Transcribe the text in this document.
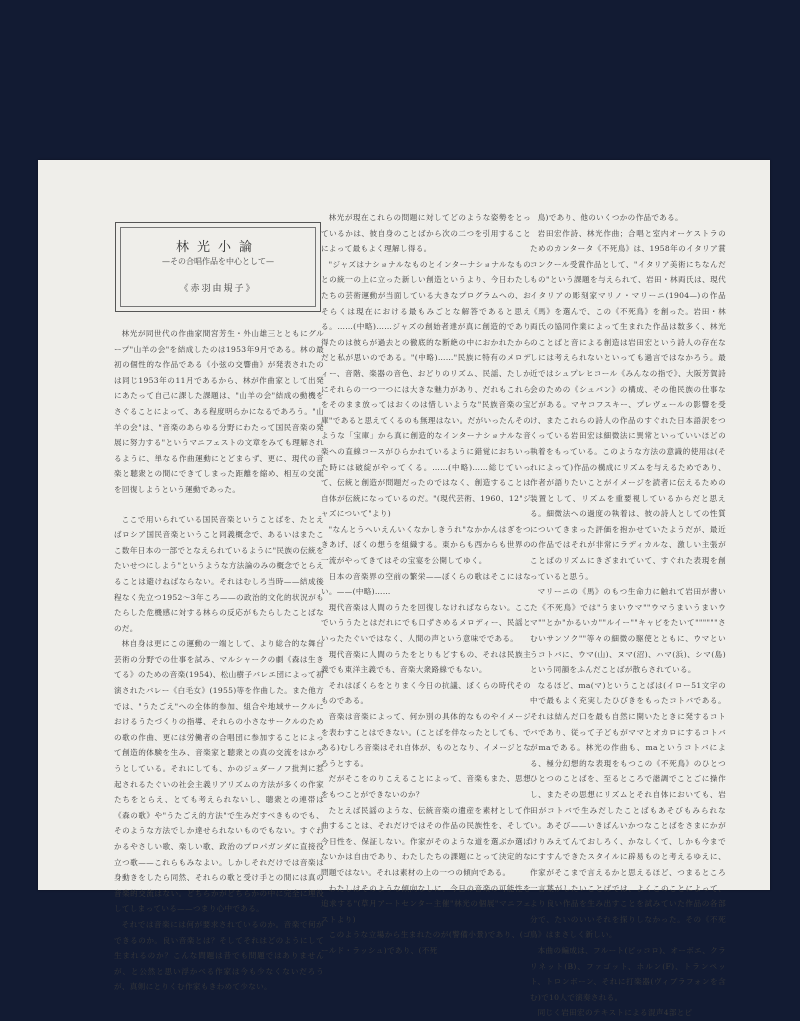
林光小論
—その合唱作品を中心として—
《赤羽由規子》

林光が同世代の作曲家間宮芳生・外山雄三とともにグループ"山羊の会"を結成したのは1953年9月である。林の最初の個性的な作品である《小弦の交響曲》が発表されたのは同じ1953年の11月であるから、林が作曲家として出発にあたって自己に課した課題は、"山羊の会"結成の動機をさぐることによって、ある程度明らかになるであろう。"山羊の会"は、"音楽のあらゆる分野にわたって国民音楽の発展に努力する"というマニフェストの文章をみても理解されるように、単なる作曲運動にとどまらず、更に、現代の音楽と聴衆との間にできてしまった距離を縮め、相互の交流を回復しようという運動であった。

ここで用いられている国民音楽ということばを、たとえばロシア国民音楽ということ同義概念で、あるいはまたここ数年日本の一部でとなえられているように"民族の伝統をたいせつにしよう"というような方法論のみの概念でとらえることは避けねばならない。それはむしろ当時——結成後程なく先立つ1952～3年ころ——の政治的文化的状況がもたらした危機感に対する林らの反応がもたらしたことばなのだ。

林自身は更にこの運動の一端として、より総合的な舞台芸術の分野での仕事を試み、マルシャークの劇《森は生きてる》のための音楽(1954)、松山樹子バレエ団によって初演されたバレー《白毛女》(1955)等を作曲した。また他方では、"うたごえ"への全体的参加、組合や地域サークルにおけるうたづくりの指導、それらの小さなサークルのための歌の作曲、更には労働者の合唱団に参加することによって創造的体験を生み、音楽家と聴衆との真の交流をはかろうとしている。それにしても、かのジュダーノフ批判に惹起されるたぐいの社会主義リアリズムの方法が多くの作家たちをとらえ、とても考えられないし、聴衆との連帯は《森の歌》や"うたごえ的方法"で生みだすべきものでも、そのような方法でしか達せられないものでもない。すぐわかるやさしい歌、楽しい歌、政治のプロパガンダに直接役立つ歌——これらもみなよい。しかしそれだけでは音楽は身動きをしたら同然、それらの歌と受け手との間には真の音楽的交流はない。どちらかがどちらかの中に完全に埋没してしまっている——つまり心中である。

それでは音楽には何が要求されているのか。音楽で何ができるのか。良い音楽とは？そしてそれはどのようにして生まれるのか？こんな問題は昔でも問題ではありませんが、と公然と思い浮かべる作家は今も少なくないだろうが、真剣にとりくむ作家もきわめて少ない。

林光が現在これらの問題に対してどのような姿勢をとっているかは、彼自身のことばから次の二つを引用することによって最もよく理解し得る。

"ジャズはナショナルなものとインターナショナルなものとの統一の上に立った新しい創造というより、今日わたしたちの芸術運動が当面している大きなプログラムへの、おそらくは現在における最もみごとな解答であると思える。……(中略)……ジャズの創始者達が真に創造的であり得たのは彼らが過去との徹底的な断絶の中におかれたからだと私が思いのである。"(中略)……"民族に特有のメロディー、音階、楽器の音色、おどりのリズム、民謡、たしかにそれらの一つ一つには大きな魅力があり、だれもこれらをそのまま放ってはおくのは惜しいような"民族音楽の宝庫"であると思えてくるのも無理はない。だがいったんそのような「宝庫」から真に創造的なインターナショナルな音楽への直線コースがひらかれているように錯覚におちいった時には破綻がやってくる。……(中略)……総じていって、伝統と創造が問題だったのではなく、創造することは自体が伝統になっているのだ。"(現代芸術、1960、12"ジャズについて"より)

"なんとうへいえんいくなかしきうれ"なかかんはぎをつきあげ、ぼくの想うを組織する。東からも西からも世界の一流がやってきてはその宝宴を公開してゆく。

日本の音楽界の空前の繁栄——ぼくらの歌はそこにはない。——(中略)……

現代音楽は人間のうたを回復しなければならない。ここでいううたとはだれにでも口ずさめるメロディー、民謡といったたぐいではなく、人間の声という意味でである。

現代音楽に人間のうたをとりもどすもの、それは民族主義でも東洋主義でも、音楽大衆路線でもない。

それはぼくらをとりまく今日の抗議、ぼくらの時代そのものである。

音楽は音楽によって、何か別の具体的なものやイメージを表わすことはできない。(ことばを伴なったとしても、である)むしろ音楽はそれ自体が、ものとなり、イメージとなろうとする。

だがそこをのりこえることによって、音楽もまた、思想をもつことができないのか？

たとえば民謡のような、伝統音楽の遺産を素材として作曲することは、それだけではその作品の民族性を、そして今日性を、保証しない。作家がそのような道を選ぶか選ばないかは自由であり、わたしたちの課題にとって決定的な問題ではない。それは素材の上の一つの傾向である。

わたしはそのような傾向なしに、今日の音楽の可能性を追求する"(草月アートセンター主催"林光の個展"マニフェストより)

このような立場から生まれたのが(警備小景)であり、(ゴールド・ラッシュ)であり、(不死

鳥)であり、他のいくつかの作品である。

岩田宏作詩、林光作曲；合唱と室内オーケストラのためのカンタータ《不死鳥》は、1958年のイタリア賞コンクール受賞作品として、"イタリア美術にちなんだもの"という課題を与えられて、岩田・林両氏は、現代イタリアの彫刻家マリノ・マリーニ(1904—)の作品《馬》を選んで、この《不死鳥》を創った。岩田・林両氏の協同作業によって生まれた作品は数多く、林光のことばと音による創造は岩田宏という詩人の存在なしには考えられないといっても過言ではなかろう。最近ではシュプレヒコール《みんなの指で》、大阪芳賀詩会のための《シュバン》の構成、その他民族の仕事などがある。マヤコフスキー、プレヴェールの影響を受け、またこれらの詩人の作品のすぐれた日本語訳をつくっている岩田宏は細微法に異常といっていいほどの執着をもっている。このような方法の意識的使用は(それによって)作品の構成にリズムを与えるためであり、作者が語りたいことがイメージを読者に伝えるための装置として、リズムを重要視しているからだと思える。細微法への過度の執着は、彼の詩人としての性質についてきまった評価を抱かせていたようだが、最近の作品ではそれが非常にラディカルな、激しい主張がことばのリズムにきざまれていて、すぐれた表現を創っていると思う。

マリーニの《馬》のもつ生命力に触れて岩田が書いた《不死鳥》では"うまいウマ""ウマうまいうまいウマ""とか"かるいカ""ルイー""キャビをたいて""""""さむいサンソク""等々の細微の駆使とともに、ウマというコトバに、ウマ(山)、ヌマ(沼)、ハマ(浜)、シマ(島)という同韻をふんだことばが散らされている。

なるほど、ma(マ)ということばは(イロー51文字の中で最もよく充実したひびきをもったコトバである。それは結んだ口を最も自然に開いたときに発するコトバであり、従って子どもがママとオカロにするコトバがmaである。林光の作曲も、maというコトバによる、極分幻想的な表現をもつこの《不死鳥》のひとつひとつのことばを、至るところで諧調でことごに操作し、またその思想にリズムとそれ自体においても、岩田がコトバで生みだしたことばもあそびもみられない。あそび——いきばんいかつなことばをさまにかがけりみえてんておしろく、かなしくて、しかも今までにすすんできたスタイルに辟易ものと考えるゆえに、作家がそこまで言えるかと思えるほど、つまるところ一言葉がしたいことばでは、よくこのことによって、より良い作品を生み出すことを試みていた作品の各部分で、たいのいいそれを探りしなかった。その《不死鳥》はまさしく新しい。

本曲の編成は、フルート(ピッコロ)、オーボエ、クラリネット(B)、ファゴット、ホルン(F)、トランペット、トロンボーン、それに打楽器(ヴィブラフォンを含む)で10人で演奏される。

同じく岩田宏のテキストによる混声4部とピ
